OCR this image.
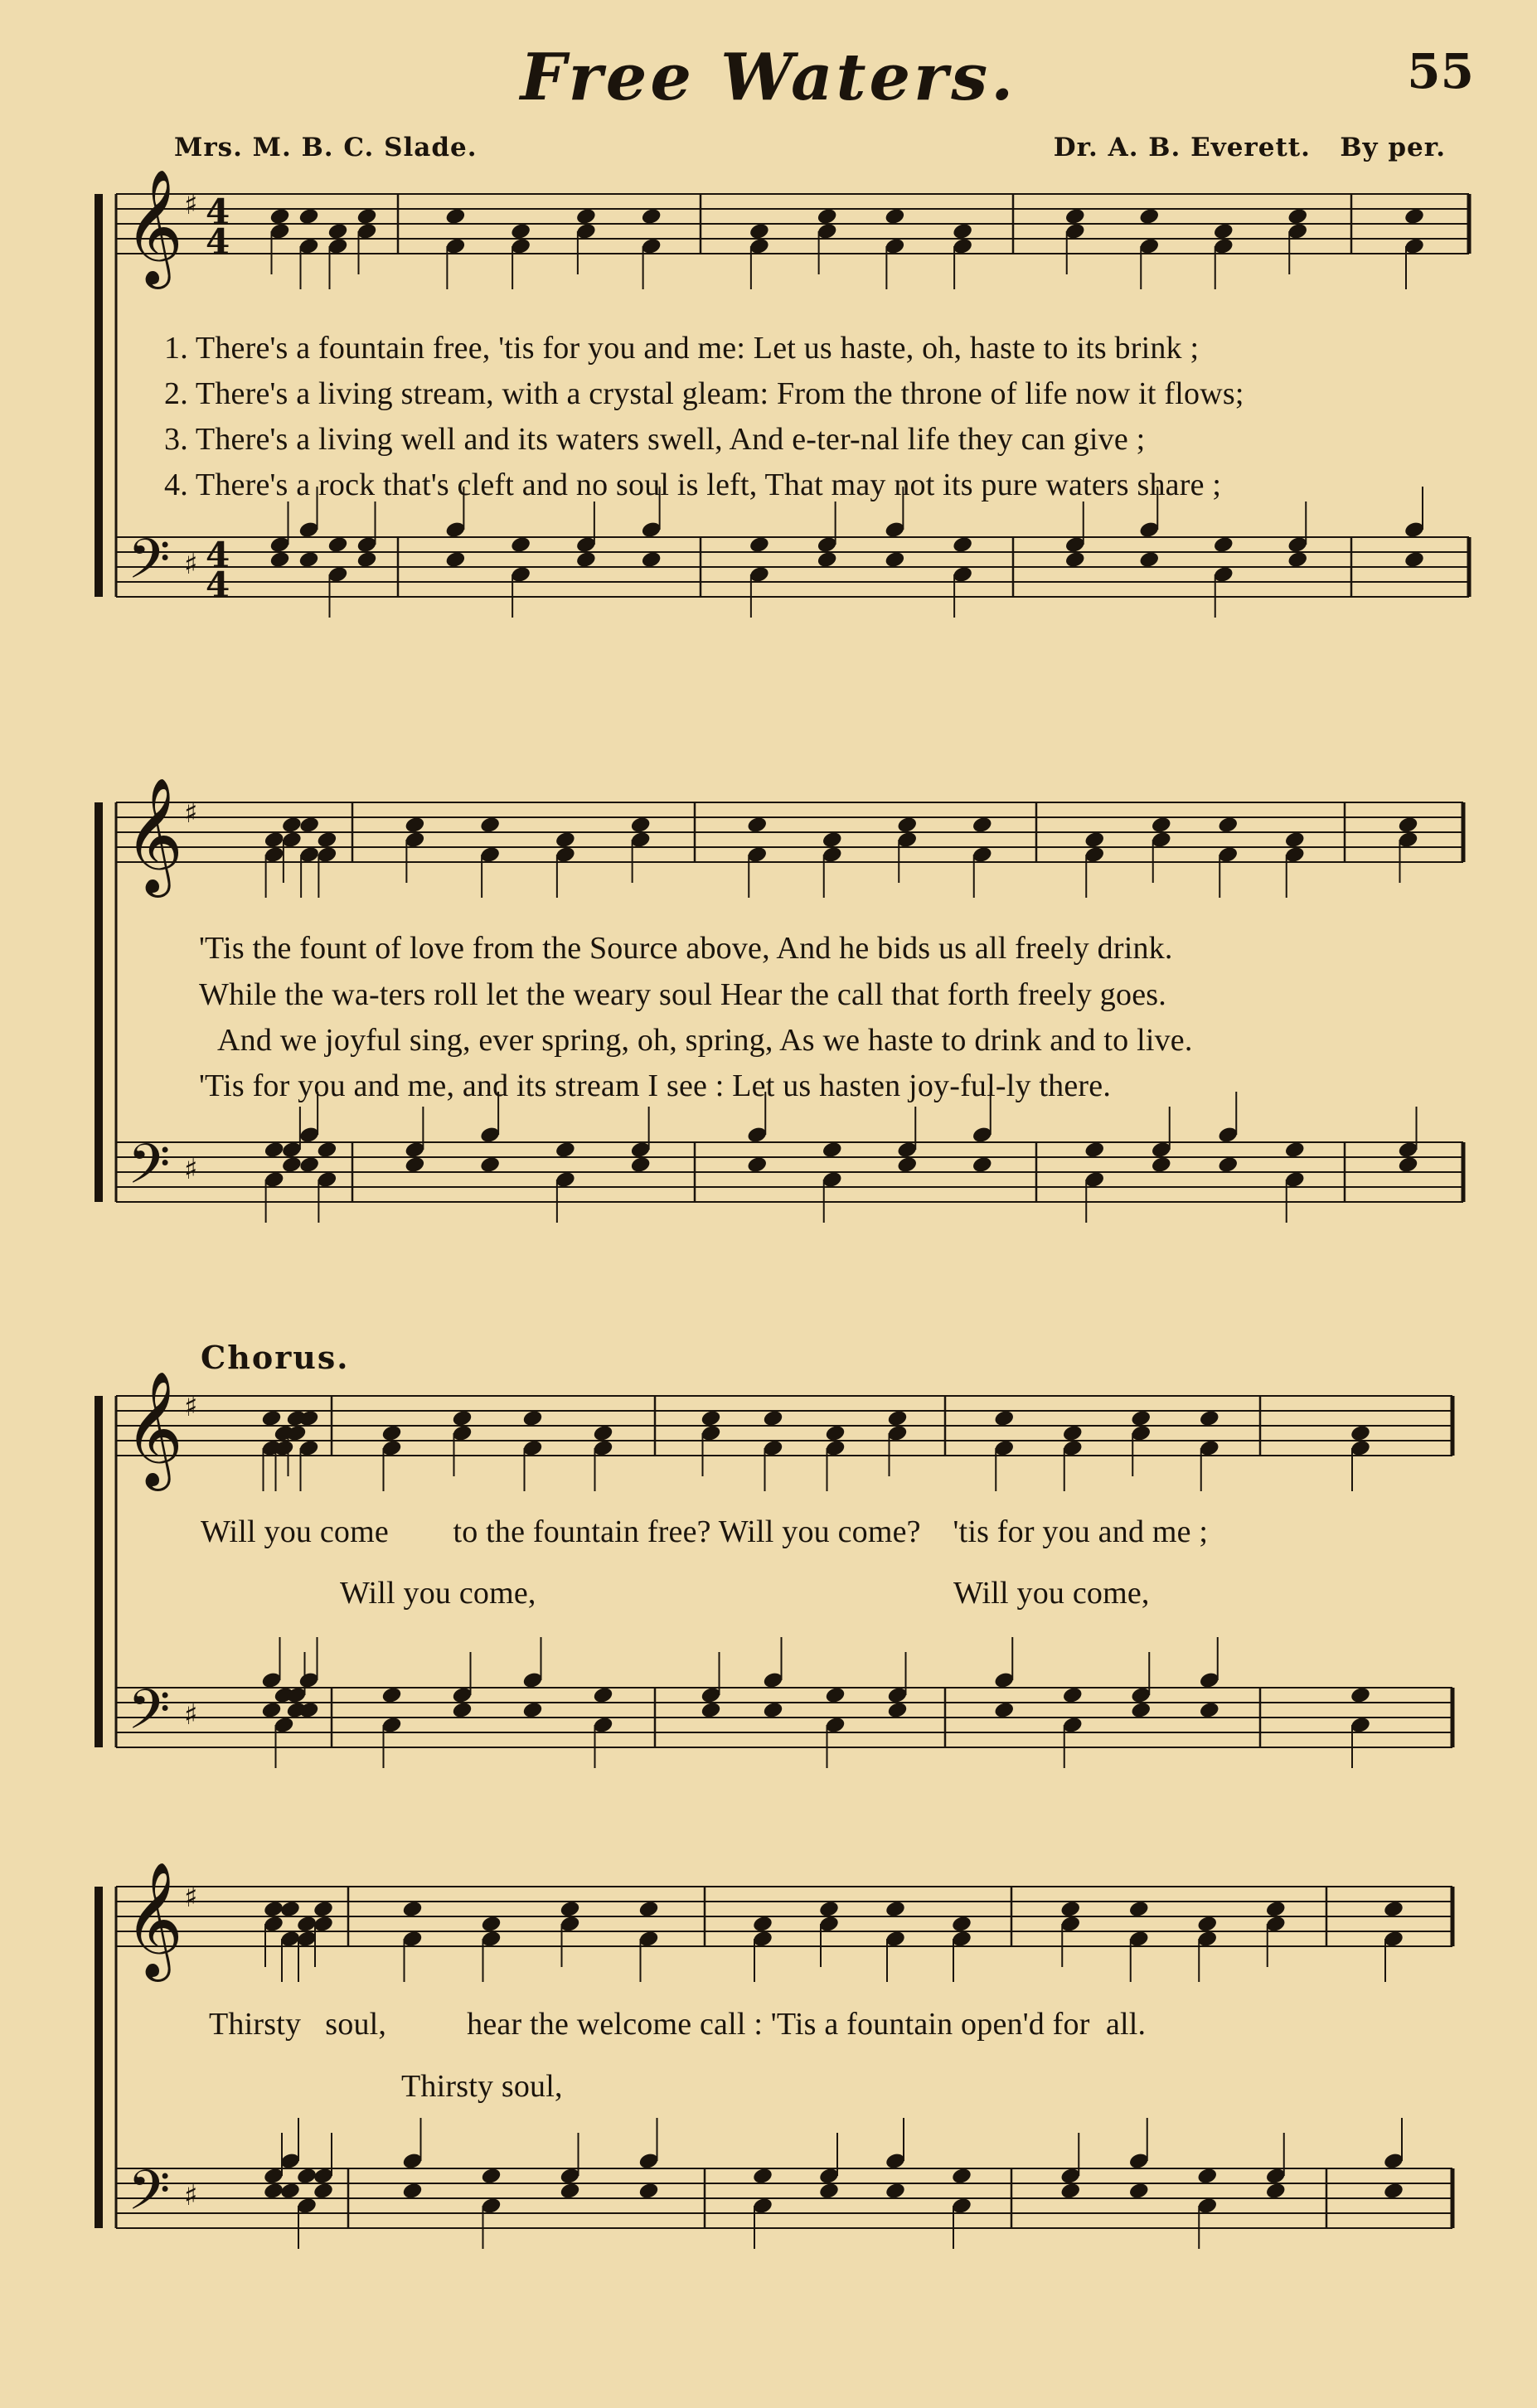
Free Waters.	55
Mrs. M. B. C. Slade.	Dr. A. B. Everett. By per.
𝄞
𝄢
♯
♯
4
4
4
4
𝄞
𝄢
♯
♯
𝄞
𝄢
♯
♯
𝄞
𝄢
♯
♯
1. There's a fountain free, 'tis for you and me: Let us haste, oh, haste to its brink ;
2. There's a living stream, with a crystal gleam: From the throne of life now it flows;
3. There's a living well and its waters swell, And e-ter-nal life they can give ;
4. There's a rock that's cleft and no soul is left, That may not its pure waters share ;
'Tis the fount of love from the Source above, And he bids us all freely drink.
While the wa-ters roll let the weary soul Hear the call that forth freely goes.
And we joyful sing, ever spring, oh, spring, As we haste to drink and to live.
'Tis for you and me, and its stream I see : Let us hasten joy-ful-ly there.
Chorus.
Will you come        to the fountain free? Will you come?    'tis for you and me ;
Will you come,	Will you come,
Thirsty   soul,          hear the welcome call : 'Tis a fountain open'd for  all.
Thirsty soul,
